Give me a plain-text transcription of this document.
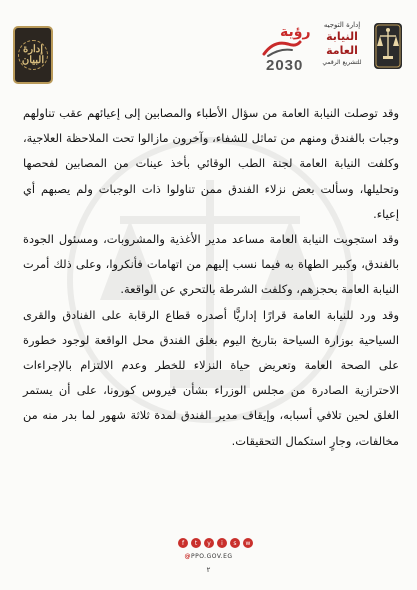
إدارة
البيان
رؤية
2030
إدارة التوجيه
النيابة العامة
للتشريع الرقمي

وقد توصلت النيابة العامة من سؤال الأطباء والمصابين إلى إعيائهم عقب تناولهم وجبات بالفندق ومنهم من تماثل للشفاء، وآخرون مازالوا تحت الملاحظة العلاجية، وكلفت النيابة العامة لجنة الطب الوقائي بأخذ عينات من المصابين لفحصها وتحليلها، وسألت بعض نزلاء الفندق ممن تناولوا ذات الوجبات ولم يصبهم أي إعياء.

وقد استجوبت النيابة العامة مساعد مدير الأغذية والمشروبات، ومسئول الجودة بالفندق، وكبير الطهاة به فيما نسب إليهم من اتهامات فأنكروا، وعلى ذلك أمرت النيابة العامة بحجزهم، وكلفت الشرطة بالتحري عن الواقعة.

وقد ورد للنيابة العامة قرارًا إداريًّا أصدره قطاع الرقابة على الفنادق والقرى السياحية بوزارة السياحة بتاريخ اليوم بغلق الفندق محل الواقعة لوجود خطورة على الصحة العامة وتعريض حياة النزلاء للخطر وعدم الالتزام بالإجراءات الاحترازية الصادرة من مجلس الوزراء بشأن فيروس كورونا، على أن يستمر الغلق لحين تلافي أسبابه، وإيقاف مدير الفندق لمدة ثلاثة شهور لما بدر منه من مخالفات، وجارٍ استكمال التحقيقات.

f	t	y	i	s	w
@PPO.GOV.EG
٢
